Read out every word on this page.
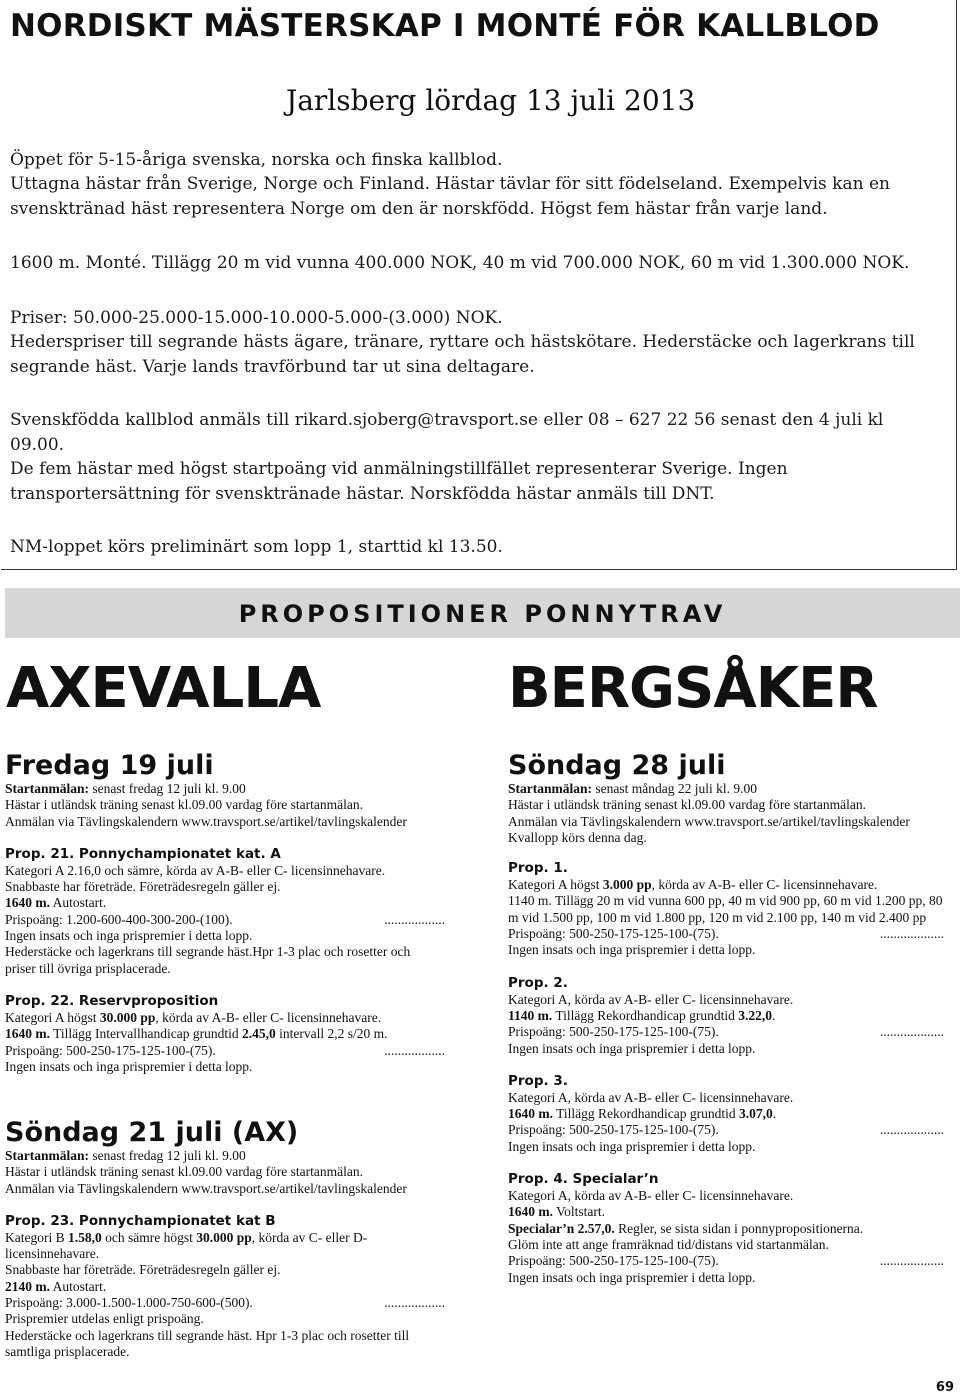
NORDISKT MÄSTERSKAP I MONTÉ FÖR KALLBLOD
Jarlsberg lördag 13 juli 2013

Öppet för 5-15-åriga svenska, norska och finska kallblod.

Uttagna hästar från Sverige, Norge och Finland. Hästar tävlar för sitt födelseland. Exempelvis kan en svensktränad häst representera Norge om den är norskfödd. Högst fem hästar från varje land.

1600 m. Monté. Tillägg 20 m vid vunna 400.000 NOK, 40 m vid 700.000 NOK, 60 m vid 1.300.000 NOK.

Priser: 50.000-25.000-15.000-10.000-5.000-(3.000) NOK.

Hederspriser till segrande hästs ägare, tränare, ryttare och hästskötare. Hederstäcke och lagerkrans till segrande häst. Varje lands travförbund tar ut sina deltagare.

Svenskfödda kallblod anmäls till rikard.sjoberg@travsport.se eller 08 – 627 22 56 senast den 4 juli kl 09.00.

De fem hästar med högst startpoäng vid anmälningstillfället representerar Sverige. Ingen transportersättning för svensktränade hästar. Norskfödda hästar anmäls till DNT.

NM-loppet körs preliminärt som lopp 1, starttid kl 13.50.

PROPOSITIONER PONNYTRAV
AXEVALLA	BERGSÅKER
Fredag 19 juli
Startanmälan: senast fredag 12 juli kl. 9.00
Hästar i utländsk träning senast kl.09.00 vardag före startanmälan.
Anmälan via Tävlingskalendern www.travsport.se/artikel/tavlingskalender
Prop. 21. Ponnychampionatet kat. A
Kategori A 2.16,0 och sämre, körda av A-B- eller C- licensinnehavare.
Snabbaste har företräde. Företrädesregeln gäller ej.
1640 m. Autostart.
Prispoäng: 1.200-600-400-300-200-(100).	..................
Ingen insats och inga prispremier i detta lopp.
Hederstäcke och lagerkrans till segrande häst.Hpr 1-3 plac och rosetter och priser till övriga prisplacerade.
Prop. 22. Reservproposition
Kategori A högst 30.000 pp, körda av A-B- eller C- licensinnehavare.
1640 m. Tillägg Intervallhandicap grundtid 2.45,0 intervall 2,2 s/20 m.
Prispoäng: 500-250-175-125-100-(75).	..................
Ingen insats och inga prispremier i detta lopp.
Söndag 21 juli (AX)
Startanmälan: senast fredag 12 juli kl. 9.00
Hästar i utländsk träning senast kl.09.00 vardag före startanmälan.
Anmälan via Tävlingskalendern www.travsport.se/artikel/tavlingskalender
Prop. 23. Ponnychampionatet kat B
Kategori B 1.58,0 och sämre högst 30.000 pp, körda av C- eller D- licensinnehavare.
Snabbaste har företräde. Företrädesregeln gäller ej.
2140 m. Autostart.
Prispoäng: 3.000-1.500-1.000-750-600-(500).	..................
Prispremier utdelas enligt prispoäng.
Hederstäcke och lagerkrans till segrande häst. Hpr 1-3 plac och rosetter till samtliga prisplacerade.
Söndag 28 juli
Startanmälan: senast måndag 22 juli kl. 9.00
Hästar i utländsk träning senast kl.09.00 vardag före startanmälan.
Anmälan via Tävlingskalendern www.travsport.se/artikel/tavlingskalender
Kvallopp körs denna dag.
Prop. 1.
Kategori A högst 3.000 pp, körda av A-B- eller C- licensinnehavare.
1140 m. Tillägg 20 m vid vunna 600 pp, 40 m vid 900 pp, 60 m vid 1.200 pp, 80 m vid 1.500 pp, 100 m vid 1.800 pp, 120 m vid 2.100 pp, 140 m vid 2.400 pp
Prispoäng: 500-250-175-125-100-(75).	...................
Ingen insats och inga prispremier i detta lopp.
Prop. 2.
Kategori A, körda av A-B- eller C- licensinnehavare.
1140 m. Tillägg Rekordhandicap grundtid 3.22,0.
Prispoäng: 500-250-175-125-100-(75).	...................
Ingen insats och inga prispremier i detta lopp.
Prop. 3.
Kategori A, körda av A-B- eller C- licensinnehavare.
1640 m. Tillägg Rekordhandicap grundtid 3.07,0.
Prispoäng: 500-250-175-125-100-(75).	...................
Ingen insats och inga prispremier i detta lopp.
Prop. 4. Specialar’n
Kategori A, körda av A-B- eller C- licensinnehavare.
1640 m. Voltstart.
Specialar’n 2.57,0. Regler, se sista sidan i ponnypropositionerna.
Glöm inte att ange framräknad tid/distans vid startanmälan.
Prispoäng: 500-250-175-125-100-(75).	...................
Ingen insats och inga prispremier i detta lopp.

69
